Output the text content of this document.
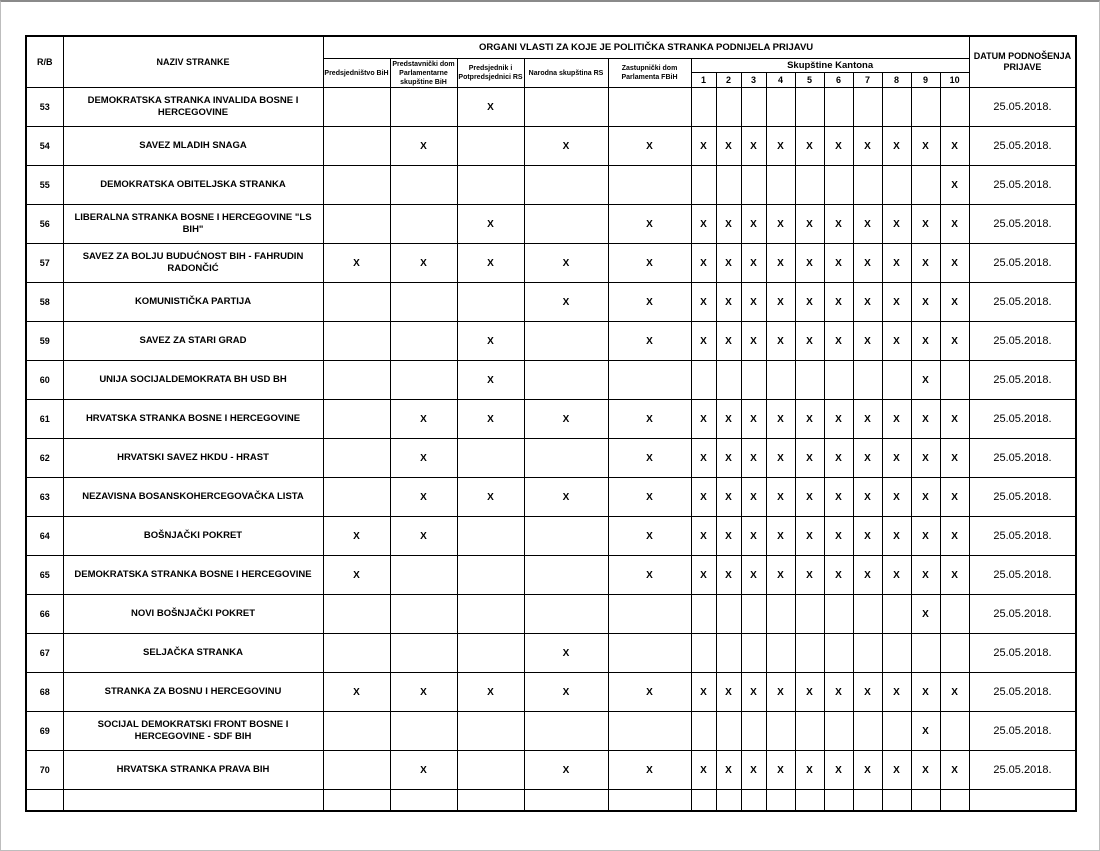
R/B	NAZIV STRANKE	ORGANI VLASTI ZA KOJE JE POLITIČKA STRANKA PODNIJELA PRIJAVU															DATUM PODNOŠENJA PRIJAVE
		Predsjedništvo BiH	Predstavnički dom Parlamentarne skupštine BiH	Predsjednik i Potpredsjednici RS	Narodna skupština RS	Zastupnički dom Parlamenta FBiH	Skupštine Kantona										
							1	2	3	4	5	6	7	8	9	10	
53	DEMOKRATSKA STRANKA INVALIDA BOSNE I HERCEGOVINE			X													25.05.2018.
54	SAVEZ MLADIH SNAGA		X		X	X	X	X	X	X	X	X	X	X	X	X	25.05.2018.
55	DEMOKRATSKA OBITELJSKA STRANKA															X	25.05.2018.
56	LIBERALNA STRANKA BOSNE I HERCEGOVINE "LS BIH"			X		X	X	X	X	X	X	X	X	X	X	X	25.05.2018.
57	SAVEZ ZA BOLJU BUDUĆNOST BIH - FAHRUDIN RADONČIĆ	X	X	X	X	X	X	X	X	X	X	X	X	X	X	X	25.05.2018.
58	KOMUNISTIČKA PARTIJA				X	X	X	X	X	X	X	X	X	X	X	X	25.05.2018.
59	SAVEZ ZA STARI GRAD			X		X	X	X	X	X	X	X	X	X	X	X	25.05.2018.
60	UNIJA SOCIJALDEMOKRATA BH USD BH			X											X		25.05.2018.
61	HRVATSKA STRANKA BOSNE I HERCEGOVINE		X	X	X	X	X	X	X	X	X	X	X	X	X	X	25.05.2018.
62	HRVATSKI SAVEZ HKDU - HRAST		X			X	X	X	X	X	X	X	X	X	X	X	25.05.2018.
63	NEZAVISNA BOSANSKOHERCEGOVAČKA LISTA		X	X	X	X	X	X	X	X	X	X	X	X	X	X	25.05.2018.
64	BOŠNJAČKI POKRET	X	X			X	X	X	X	X	X	X	X	X	X	X	25.05.2018.
65	DEMOKRATSKA STRANKA BOSNE I HERCEGOVINE	X				X	X	X	X	X	X	X	X	X	X	X	25.05.2018.
66	NOVI BOŠNJAČKI POKRET														X		25.05.2018.
67	SELJAČKA STRANKA				X												25.05.2018.
68	STRANKA ZA BOSNU I HERCEGOVINU	X	X	X	X	X	X	X	X	X	X	X	X	X	X	X	25.05.2018.
69	SOCIJAL DEMOKRATSKI FRONT BOSNE I HERCEGOVINE - SDF BIH														X		25.05.2018.
70	HRVATSKA STRANKA PRAVA BIH		X		X	X	X	X	X	X	X	X	X	X	X	X	25.05.2018.
